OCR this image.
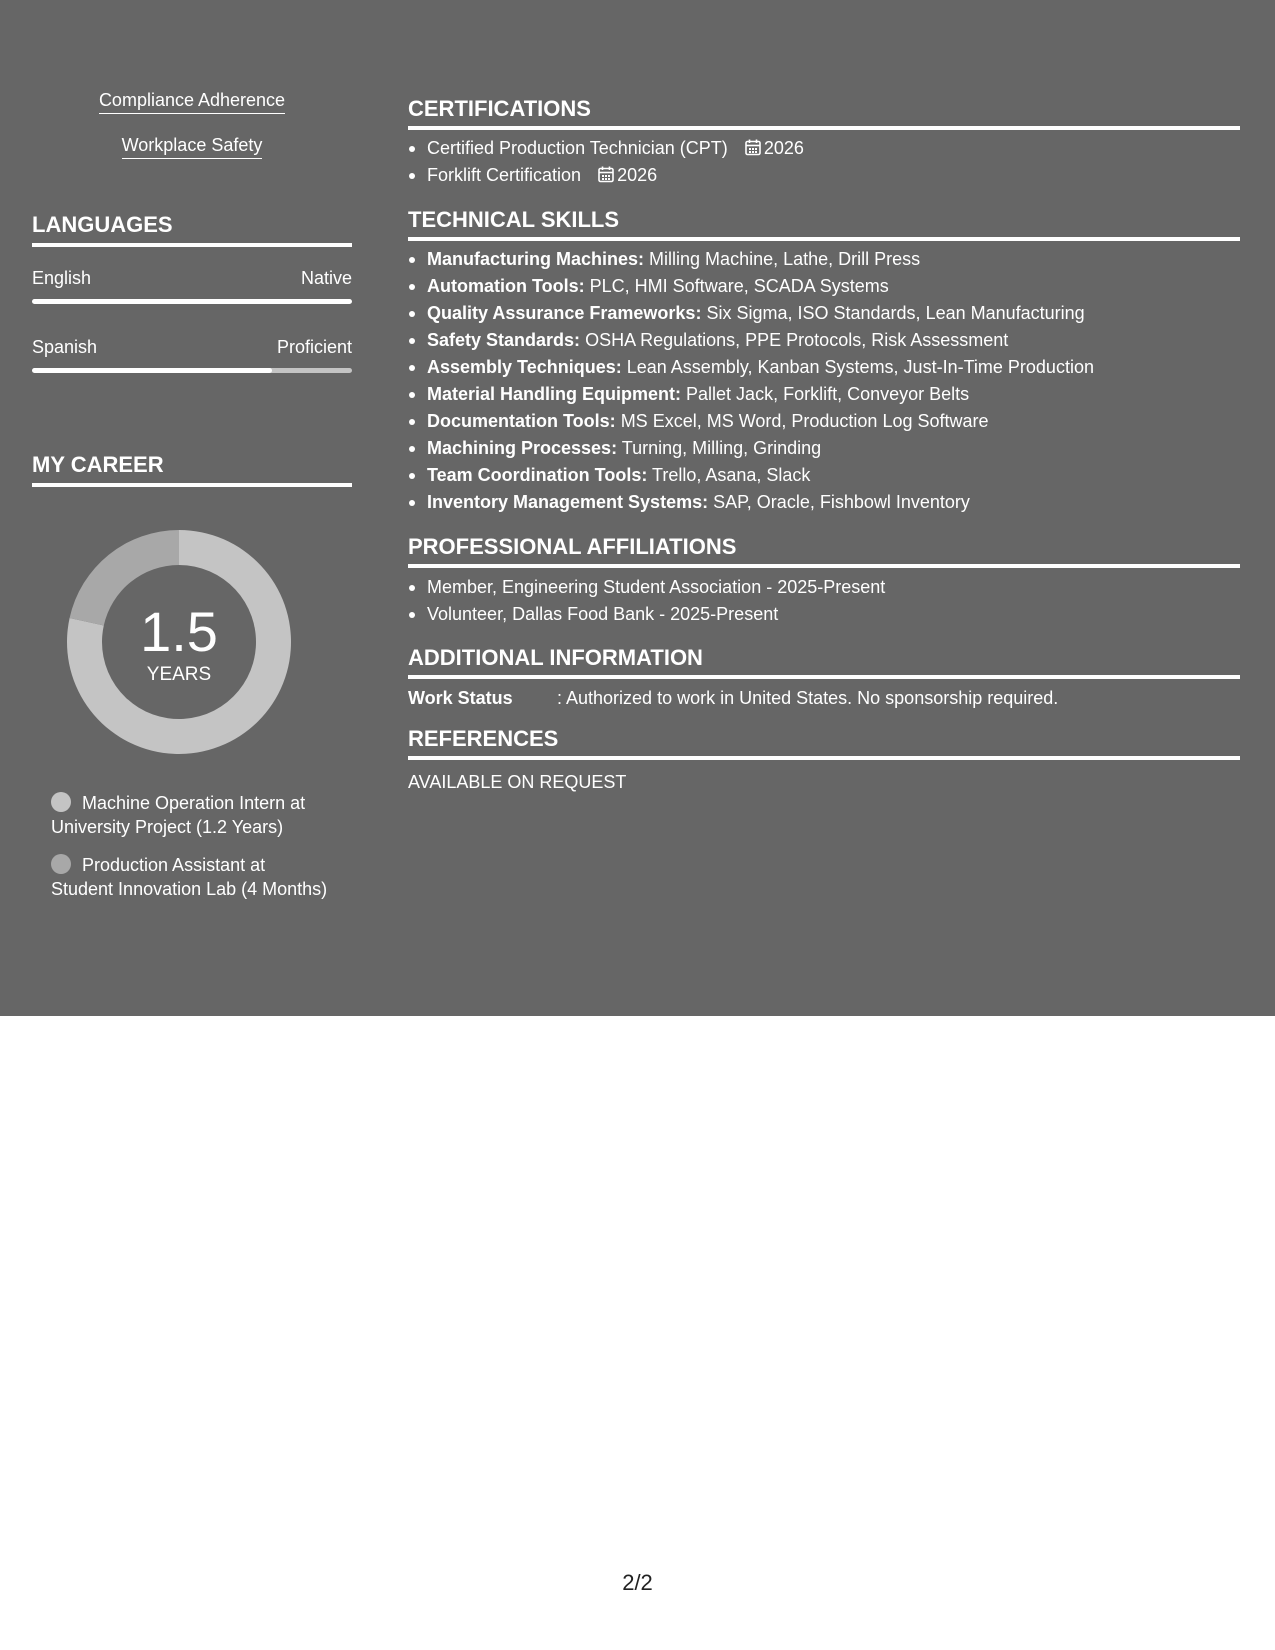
Compliance Adherence
Workplace Safety
LANGUAGES
English	Native
Spanish	Proficient
MY CAREER
1.5
YEARS
Machine Operation Intern at University Project (1.2 Years)
Production Assistant at Student Innovation Lab (4 Months)
CERTIFICATIONS
Certified Production Technician (CPT) 2026
Forklift Certification 2026
TECHNICAL SKILLS
Manufacturing Machines: Milling Machine, Lathe, Drill Press
Automation Tools: PLC, HMI Software, SCADA Systems
Quality Assurance Frameworks: Six Sigma, ISO Standards, Lean Manufacturing
Safety Standards: OSHA Regulations, PPE Protocols, Risk Assessment
Assembly Techniques: Lean Assembly, Kanban Systems, Just-In-Time Production
Material Handling Equipment: Pallet Jack, Forklift, Conveyor Belts
Documentation Tools: MS Excel, MS Word, Production Log Software
Machining Processes: Turning, Milling, Grinding
Team Coordination Tools: Trello, Asana, Slack
Inventory Management Systems: SAP, Oracle, Fishbowl Inventory
PROFESSIONAL AFFILIATIONS
Member, Engineering Student Association - 2025-Present
Volunteer, Dallas Food Bank - 2025-Present
ADDITIONAL INFORMATION
Work Status : Authorized to work in United States. No sponsorship required.
REFERENCES
AVAILABLE ON REQUEST
2/2
